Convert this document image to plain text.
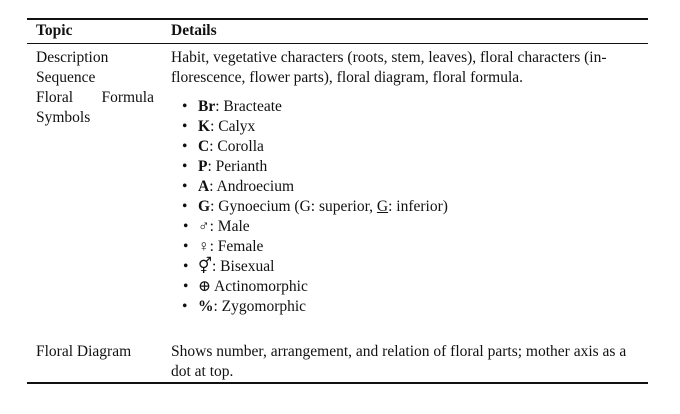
Topic	Details
Description
Sequence
Floral Formula
Symbols

Habit, vegetative characters (roots, stem, leaves), floral characters (in-
florescence, flower parts), floral diagram, floral formula.

• Br: Bracteate
• K: Calyx
• C: Corolla
• P: Perianth
• A: Androecium
• G: Gynoecium (G: superior, G: inferior)
• ♂: Male
• ♀: Female
• ⚥: Bisexual
• ⊕ Actinomorphic
• %: Zygomorphic
Floral Diagram	Shows number, arrangement, and relation of floral parts; mother axis as a dot at top.
